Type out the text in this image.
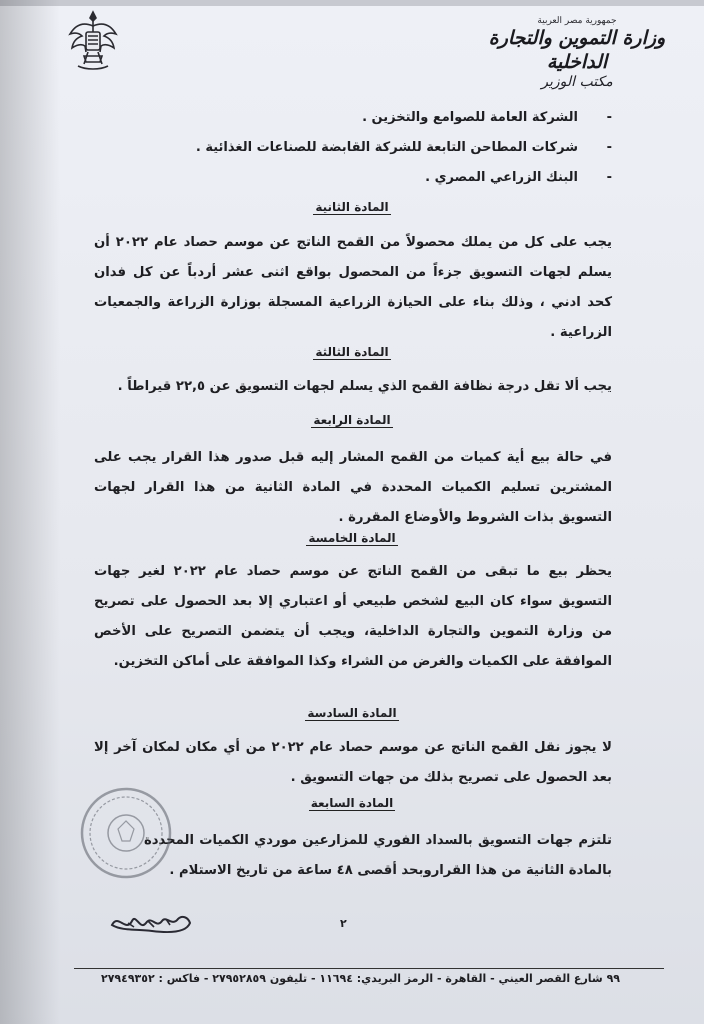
جمهورية مصر العربية
وزارة التموين والتجارة الداخلية
مكتب الوزير
- الشركة العامة للصوامع والتخزين .
- شركات المطاحن التابعة للشركة القابضة للصناعات الغذائية .
- البنك الزراعي المصري .
المادة الثانية
يجب على كل من يملك محصولاً من القمح الناتج عن موسم حصاد عام ٢٠٢٢ أن يسلم لجهات التسويق جزءاً من المحصول بواقع اثنى عشر أردباً عن كل فدان كحد ادني ، وذلك بناء على الحيازة الزراعية المسجلة بوزارة الزراعة والجمعيات الزراعية .
المادة الثالثة
يجب ألا تقل درجة نظافة القمح الذي يسلم لجهات التسويق عن ٢٢,٥ قيراطاً .
المادة الرابعة
في حالة بيع أية كميات من القمح المشار إليه قبل صدور هذا القرار يجب على المشترين تسليم الكميات المحددة في المادة الثانية من هذا القرار لجهات التسويق بذات الشروط والأوضاع المقررة .
المادة الخامسة
يحظر بيع ما تبقى من القمح الناتج عن موسم حصاد عام ٢٠٢٢ لغير جهات التسويق سواء كان البيع لشخص طبيعي أو اعتباري إلا بعد الحصول على تصريح من وزارة التموين والتجارة الداخلية، ويجب أن يتضمن التصريح على الأخص الموافقة على الكميات والغرض من الشراء وكذا الموافقة على أماكن التخزين.
المادة السادسة
لا يجوز نقل القمح الناتج عن موسم حصاد عام ٢٠٢٢ من أي مكان لمكان آخر إلا بعد الحصول على تصريح بذلك من جهات التسويق .
المادة السابعة
تلتزم جهات التسويق بالسداد الفوري للمزارعين موردي الكميات المحددة بالمادة الثانية من هذا القراروبحد أقصى ٤٨ ساعة من تاريخ الاستلام .
٢
٩٩ شارع القصر العيني - القاهرة - الرمز البريدي: ١١٦٩٤ - تليفون ٢٧٩٥٢٨٥٩ - فاكس : ٢٧٩٤٩٣٥٢
